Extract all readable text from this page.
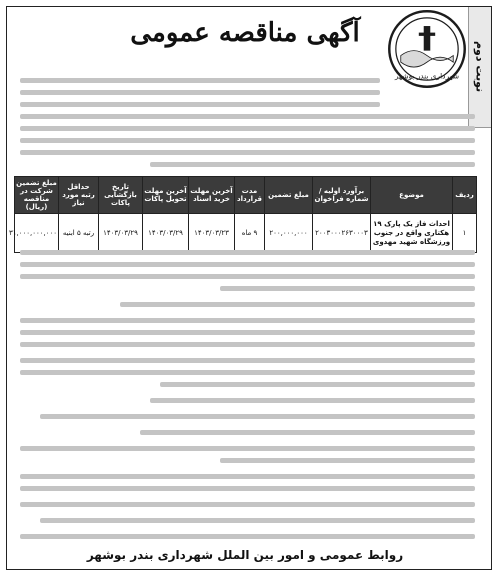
نوبت دوم
آگهی مناقصه عمومی
شهرداری بندر بوشهر
ردیف	موضوع	برآورد اولیه / شماره فراخوان	مبلغ تضمین	مدت قرارداد	آخرین مهلت خرید اسناد	آخرین مهلت تحویل پاکات	تاریخ بازگشایی پاکات	حداقل رتبه مورد نیاز	مبلغ تضمین شرکت در مناقصه (ریال)
۱	احداث فاز یک پارک ۱۹ هکتاری واقع در جنوب ورزشگاه شهید مهدوی	۲۰۰۳۰۰۰۲۶۳۰۰۰۳	۲۰۰,۰۰۰,۰۰۰	۹ ماه	۱۴۰۳/۰۳/۲۳	۱۴۰۳/۰۳/۲۹	۱۴۰۳/۰۳/۲۹	رتبه ۵ ابنیه	۳۱,۰۰۰,۰۰۰,۰۰۰
روابط عمومی و امور بین الملل شهرداری بندر بوشهر
